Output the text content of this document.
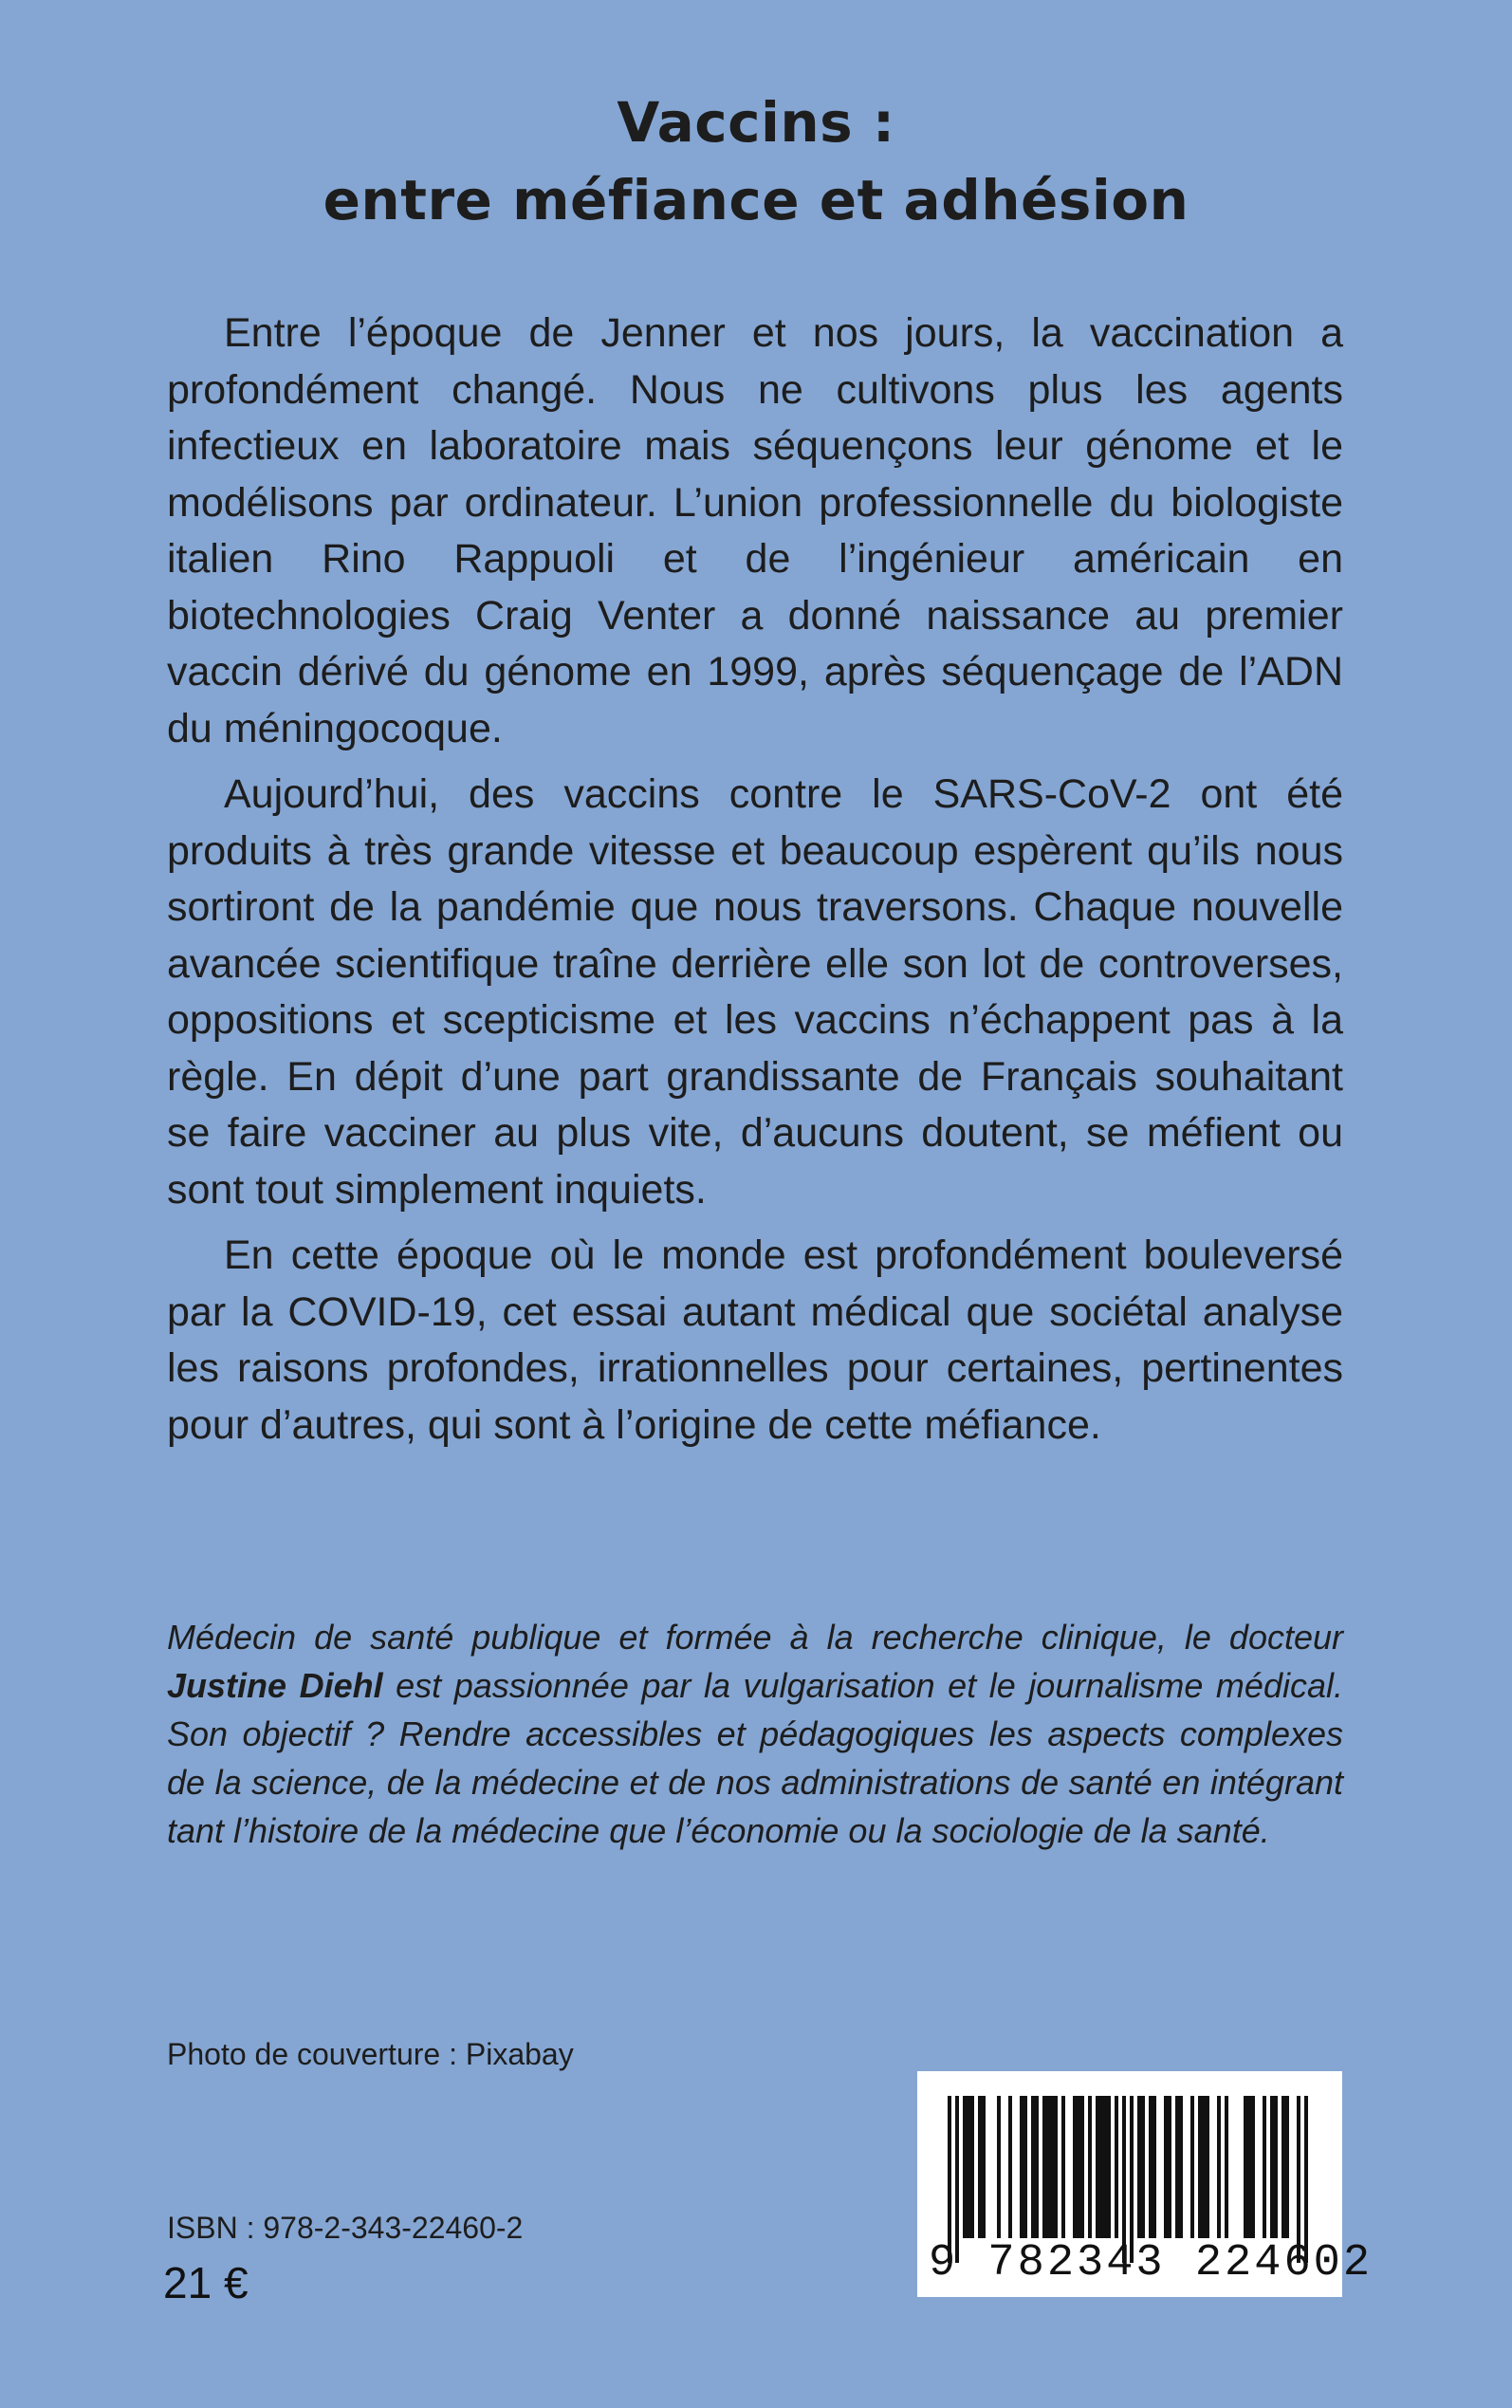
Vaccins :
entre méfiance et adhésion

Entre l’époque de Jenner et nos jours, la vaccination a profondément changé. Nous ne cultivons plus les agents infectieux en laboratoire mais séquençons leur génome et le modélisons par ordinateur. L’union professionnelle du biologiste italien Rino Rappuoli et de l’ingénieur américain en biotechnologies Craig Venter a donné naissance au premier vaccin dérivé du génome en 1999, après séquençage de l’ADN du méningocoque.

Aujourd’hui, des vaccins contre le SARS-CoV-2 ont été produits à très grande vitesse et beaucoup espèrent qu’ils nous sortiront de la pandémie que nous traversons. Chaque nouvelle avancée scientifique traîne derrière elle son lot de controverses, oppositions et scepticisme et les vaccins n’échappent pas à la règle. En dépit d’une part grandissante de Français souhaitant se faire vacciner au plus vite, d’aucuns doutent, se méfient ou sont tout simplement inquiets.

En cette époque où le monde est profondément bouleversé par la COVID-19, cet essai autant médical que sociétal analyse les raisons profondes, irrationnelles pour certaines, pertinentes pour d’autres, qui sont à l’origine de cette méfiance.

Médecin de santé publique et formée à la recherche clinique, le docteur Justine Diehl est passionnée par la vulgarisation et le journalisme médical. Son objectif ? Rendre accessibles et pédagogiques les aspects complexes de la science, de la médecine et de nos administrations de santé en intégrant tant l’histoire de la médecine que l’économie ou la sociologie de la santé.
Photo de couverture : Pixabay
ISBN : 978-2-343-22460-2
21 €	9 782343 224602
